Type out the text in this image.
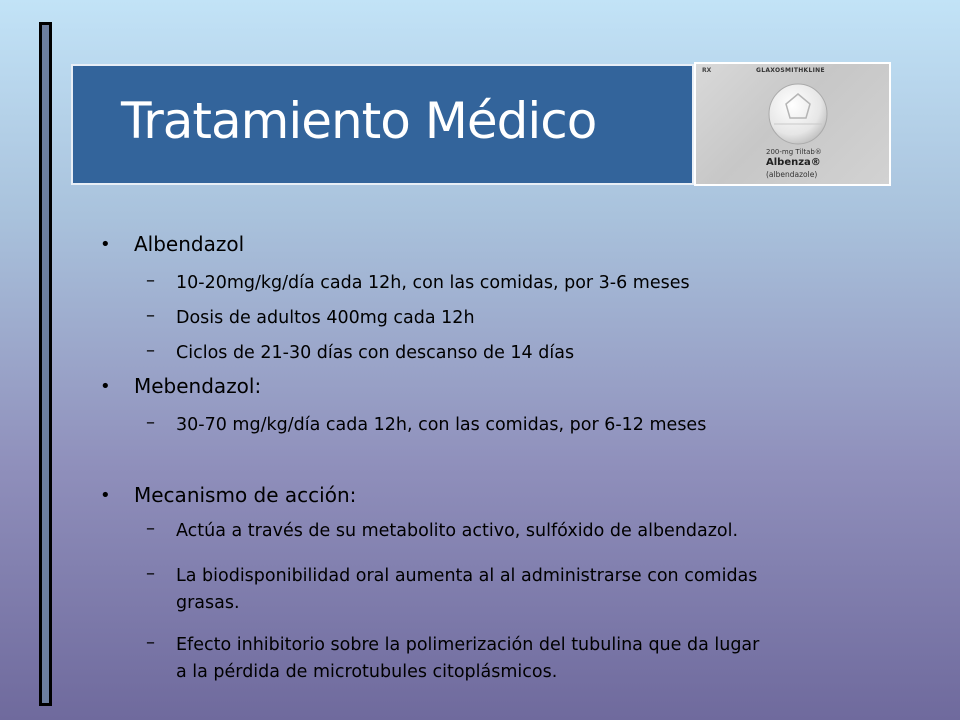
Tratamiento Médico
RX	GLAXOSMITHKLINE
200-mg Tiltab®
Albenza®
(albendazole)
• Albendazol
– 10-20mg/kg/día cada 12h, con las comidas, por 3-6 meses
– Dosis de adultos 400mg cada 12h
– Ciclos de 21-30 días con descanso de 14 días
• Mebendazol:
– 30-70 mg/kg/día cada 12h, con las comidas, por 6-12 meses
• Mecanismo de acción:
– Actúa a través de su metabolito activo, sulfóxido de albendazol.
– La biodisponibilidad oral aumenta al al administrarse con comidas
grasas.
– Efecto inhibitorio sobre la polimerización del tubulina que da lugar
a la pérdida de microtubules citoplásmicos.
